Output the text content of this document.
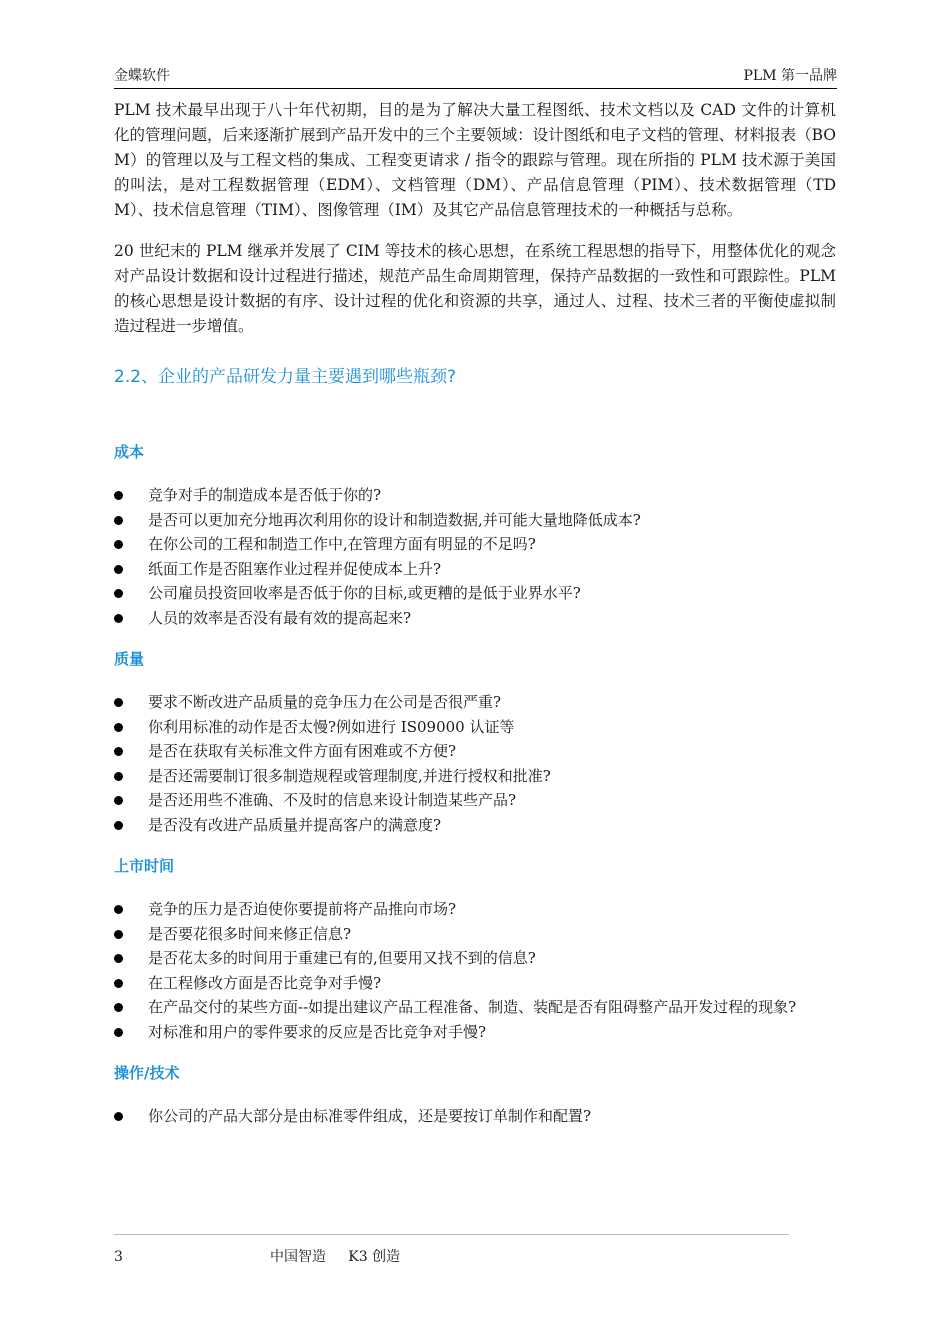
金蝶软件	PLM 第一品牌

PLM 技术最早出现于八十年代初期，目的是为了解决大量工程图纸、技术文档以及 CAD 文件的计算机化的管理问题，后来逐渐扩展到产品开发中的三个主要领域：设计图纸和电子文档的管理、材料报表（BOM）的管理以及与工程文档的集成、工程变更请求 / 指令的跟踪与管理。现在所指的 PLM 技术源于美国的叫法，是对工程数据管理（EDM）、文档管理（DM）、产品信息管理（PIM）、技术数据管理（TDM）、技术信息管理（TIM）、图像管理（IM）及其它产品信息管理技术的一种概括与总称。

20 世纪末的 PLM 继承并发展了 CIM 等技术的核心思想，在系统工程思想的指导下，用整体优化的观念对产品设计数据和设计过程进行描述，规范产品生命周期管理，保持产品数据的一致性和可跟踪性。PLM 的核心思想是设计数据的有序、设计过程的优化和资源的共享，通过人、过程、技术三者的平衡使虚拟制造过程进一步增值。

2.2、企业的产品研发力量主要遇到哪些瓶颈?
成本
竞争对手的制造成本是否低于你的?
是否可以更加充分地再次利用你的设计和制造数据,并可能大量地降低成本?
在你公司的工程和制造工作中,在管理方面有明显的不足吗?
纸面工作是否阻塞作业过程并促使成本上升?
公司雇员投资回收率是否低于你的目标,或更糟的是低于业界水平?
人员的效率是否没有最有效的提高起来?
质量
要求不断改进产品质量的竞争压力在公司是否很严重?
你利用标准的动作是否太慢?例如进行 IS09000 认证等
是否在获取有关标准文件方面有困难或不方便?
是否还需要制订很多制造规程或管理制度,并进行授权和批准?
是否还用些不准确、不及时的信息来设计制造某些产品?
是否没有改进产品质量并提高客户的满意度?
上市时间
竞争的压力是否迫使你要提前将产品推向市场?
是否要花很多时间来修正信息?
是否花太多的时间用于重建已有的,但要用又找不到的信息?
在工程修改方面是否比竞争对手慢?
在产品交付的某些方面--如提出建议产品工程准备、制造、装配是否有阻碍整产品开发过程的现象?
对标准和用户的零件要求的反应是否比竞争对手慢?
操作/技术
你公司的产品大部分是由标准零件组成，还是要按订单制作和配置?
3	中国智造     K3 创造
